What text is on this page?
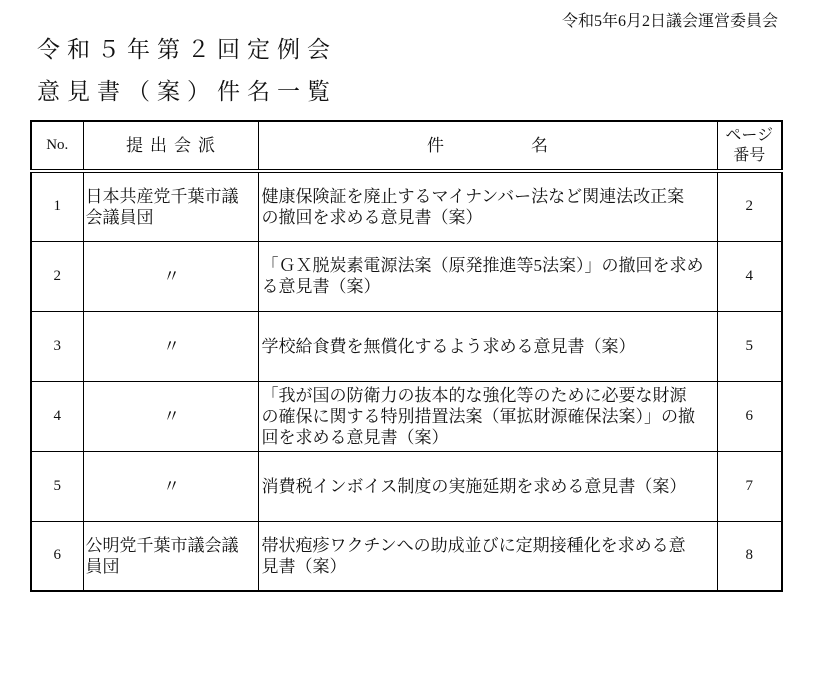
令和5年6月2日議会運営委員会
令和５年第２回定例会
意見書（案）件名一覧
No.	提出会派	件名	ページ
番号
1	日本共産党千葉市議
会議員団	健康保険証を廃止するマイナンバー法など関連法改正案
の撤回を求める意見書（案）	2
2	〃	「ＧＸ脱炭素電源法案（原発推進等5法案）」の撤回を求め
る意見書（案）	4
3	〃	学校給食費を無償化するよう求める意見書（案）	5
4	〃	「我が国の防衛力の抜本的な強化等のために必要な財源
の確保に関する特別措置法案（軍拡財源確保法案）」の撤
回を求める意見書（案）	6
5	〃	消費税インボイス制度の実施延期を求める意見書（案）	7
6	公明党千葉市議会議
員団	帯状疱疹ワクチンへの助成並びに定期接種化を求める意
見書（案）	8
